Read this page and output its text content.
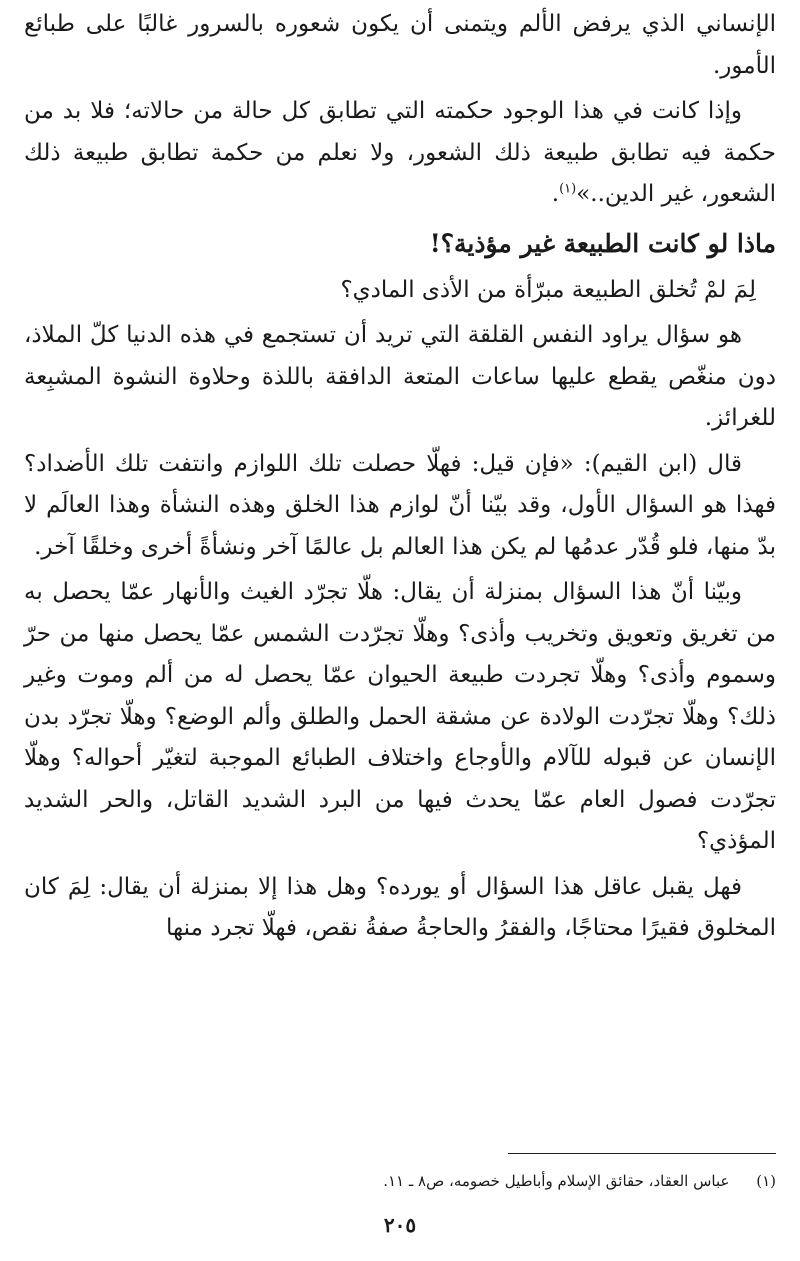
الإنساني الذي يرفض الألم ويتمنى أن يكون شعوره بالسرور غالبًا على طبائع الأمور.

وإذا كانت في هذا الوجود حكمته التي تطابق كل حالة من حالاته؛ فلا بد من حكمة فيه تطابق طبيعة ذلك الشعور، ولا نعلم من حكمة تطابق طبيعة ذلك الشعور، غير الدين..»$^{(١)}$.

ماذا لو كانت الطبيعة غير مؤذية؟!

لِمَ لمْ تُخلق الطبيعة مبرّأة من الأذى المادي؟

هو سؤال يراود النفس القلقة التي تريد أن تستجمع في هذه الدنيا كلّ الملاذ، دون منغّص يقطع عليها ساعات المتعة الدافقة باللذة وحلاوة النشوة المشبِعة للغرائز.

قال (ابن القيم): «فإن قيل: فهلّا حصلت تلك اللوازم وانتفت تلك الأضداد؟ فهذا هو السؤال الأول، وقد بيّنا أنّ لوازم هذا الخلق وهذه النشأة وهذا العالَم لا بدّ منها، فلو قُدّر عدمُها لم يكن هذا العالم بل عالمًا آخر ونشأةً أخرى وخلقًا آخر.

وبيّنا أنّ هذا السؤال بمنزلة أن يقال: هلّا تجرّد الغيث والأنهار عمّا يحصل به من تغريق وتعويق وتخريب وأذى؟ وهلّا تجرّدت الشمس عمّا يحصل منها من حرّ وسموم وأذى؟ وهلّا تجردت طبيعة الحيوان عمّا يحصل له من ألم وموت وغير ذلك؟ وهلّا تجرّدت الولادة عن مشقة الحمل والطلق وألم الوضع؟ وهلّا تجرّد بدن الإنسان عن قبوله للآلام والأوجاع واختلاف الطبائع الموجبة لتغيّر أحواله؟ وهلّا تجرّدت فصول العام عمّا يحدث فيها من البرد الشديد القاتل، والحر الشديد المؤذي؟

فهل يقبل عاقل هذا السؤال أو يورده؟ وهل هذا إلا بمنزلة أن يقال: لِمَ كان المخلوق فقيرًا محتاجًا، والفقرُ والحاجةُ صفةُ نقص، فهلّا تجرد منها

(١) عباس العقاد، حقائق الإسلام وأباطيل خصومه، ص٨ ـ ١١.
٢٠٥
